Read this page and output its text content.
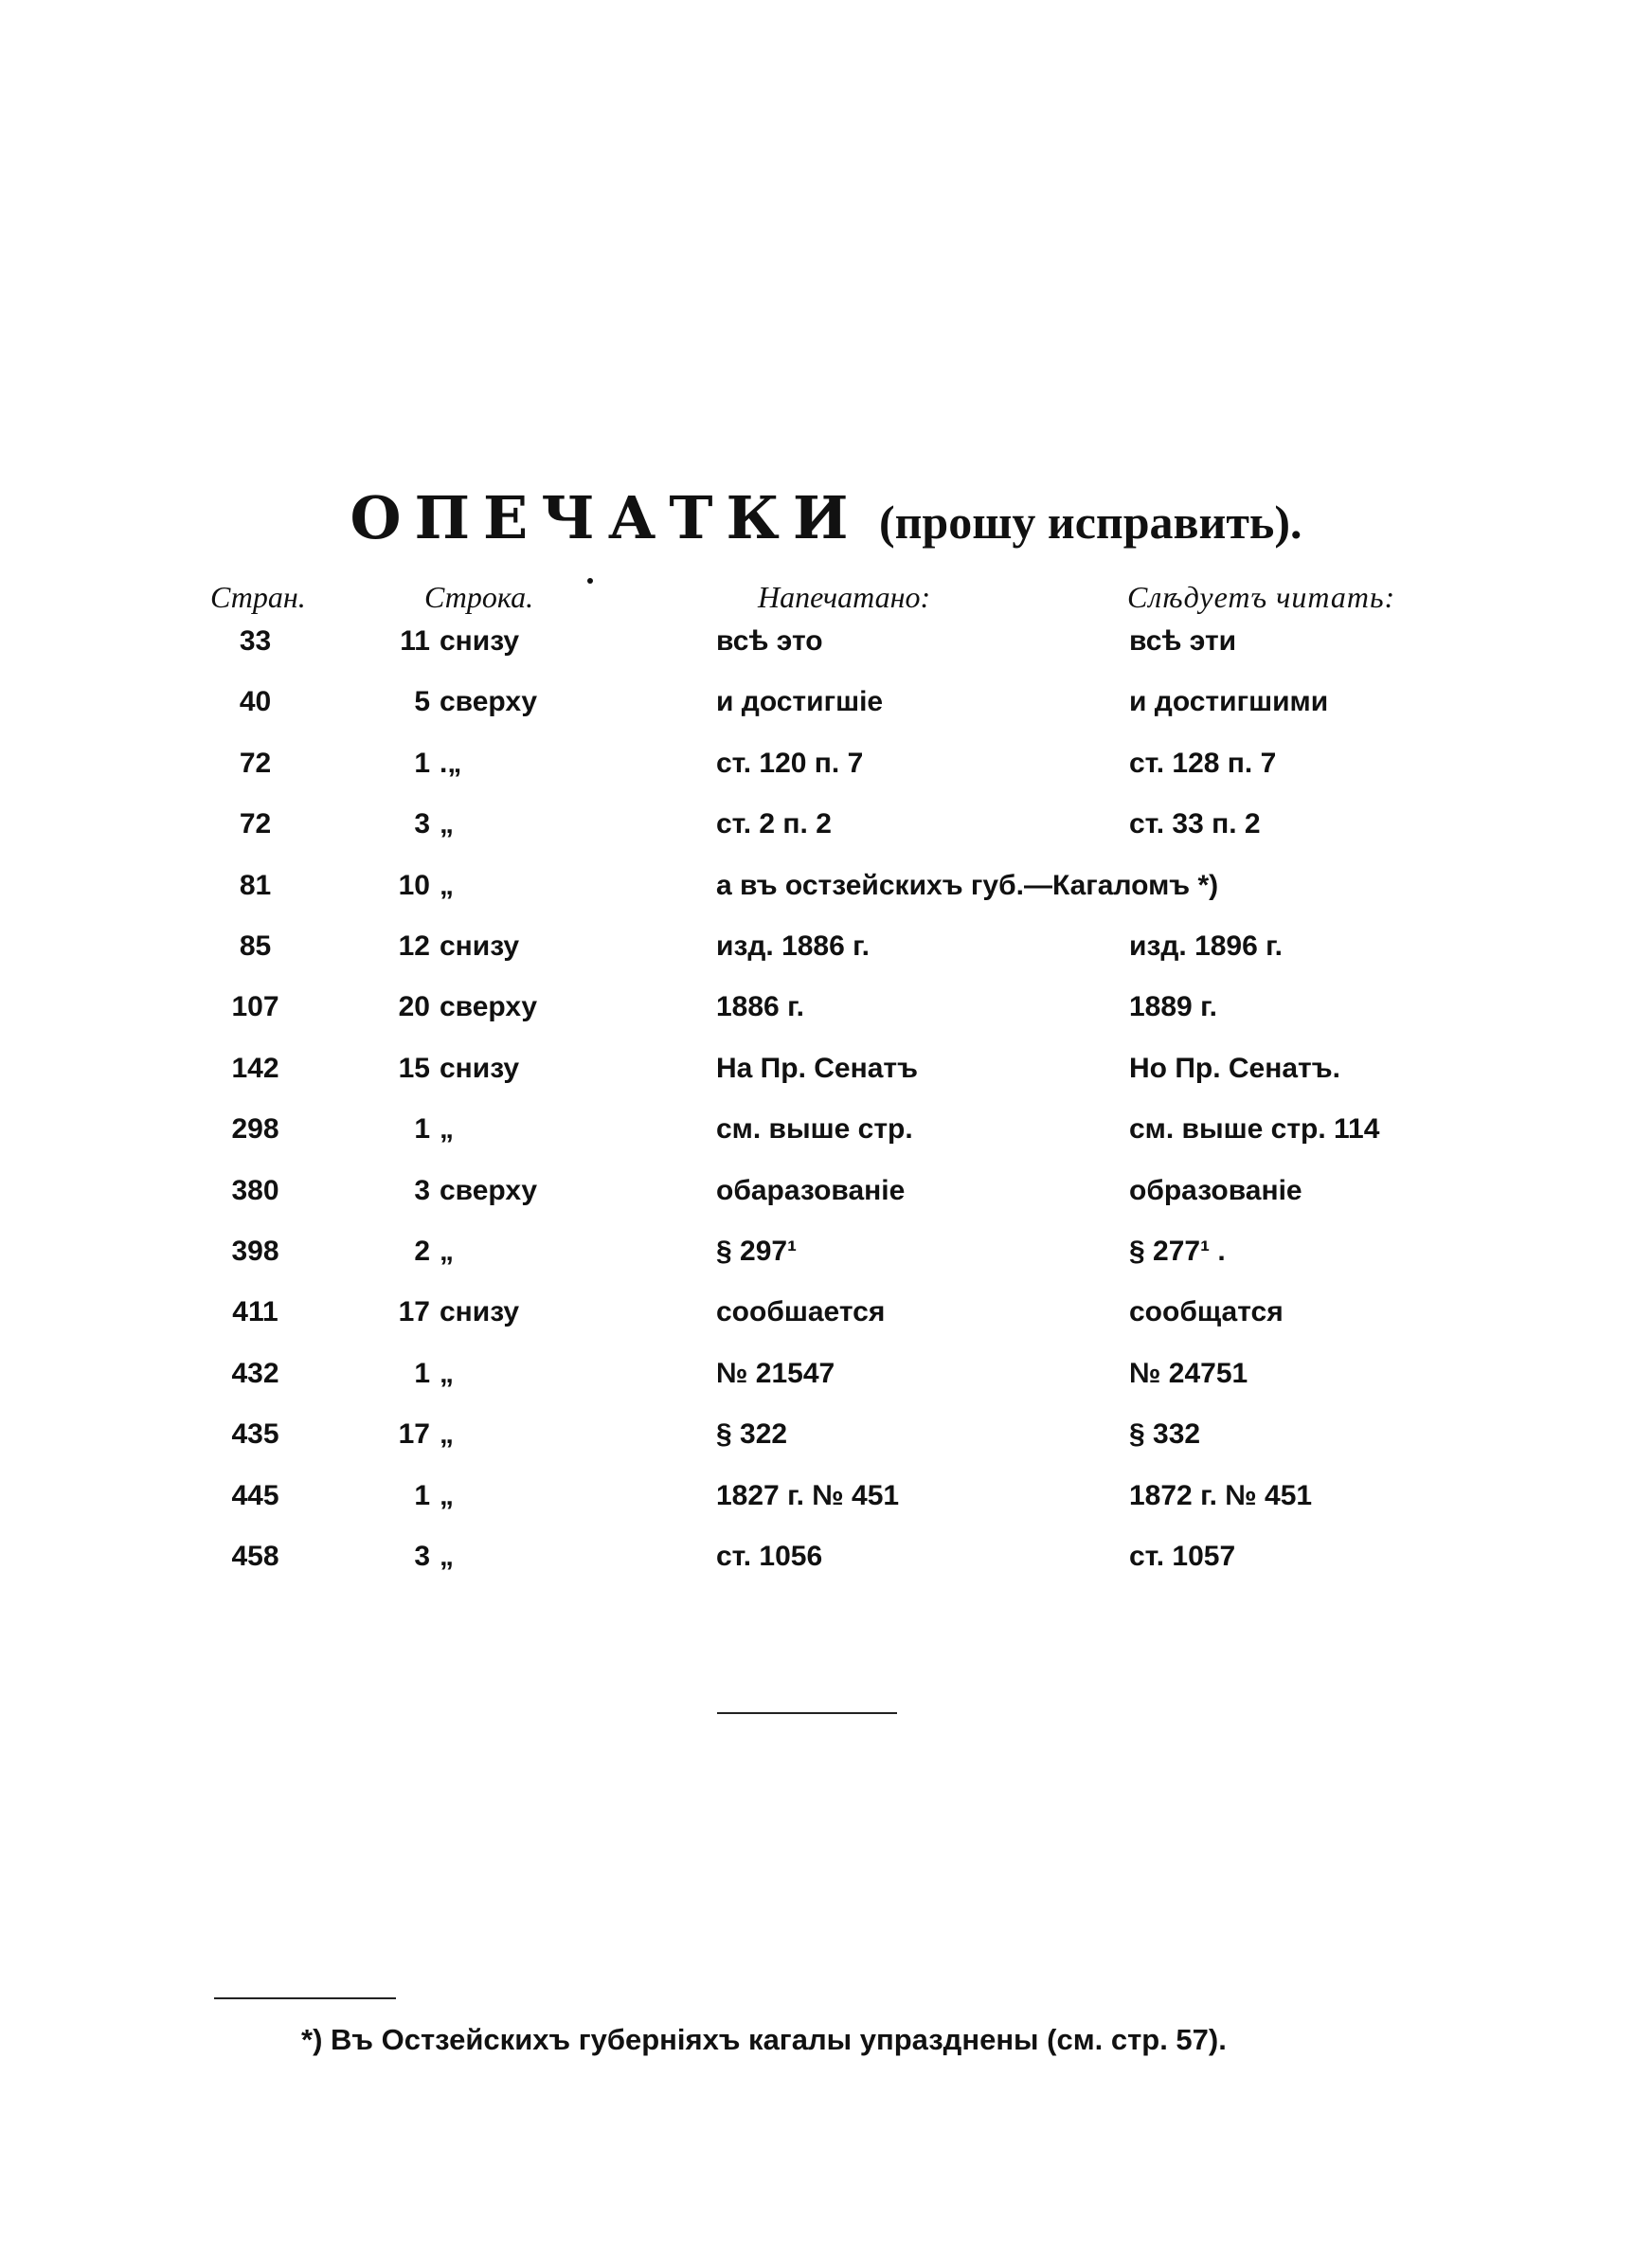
ОПЕЧАТКИ (прошу исправить).
Стран.	Строка.	Напечатано:	Слѣдуетъ читать:
33	11 снизу	всѣ это	всѣ эти
40	5 сверху	и достигшіе	и достигшими
72	1 .„	ст. 120 п. 7	ст. 128 п. 7
72	3 „	ст. 2 п. 2	ст. 33 п. 2
81	10 „	а въ остзейскихъ губ.—Кагаломъ *)
85	12 снизу	изд. 1886 г.	изд. 1896 г.
107	20 сверху	1886 г.	1889 г.
142	15 снизу	На Пр. Сенатъ	Но Пр. Сенатъ.
298	1 „	см. выше стр.	см. выше стр. 114
380	3 сверху	обаразованіе	образованіе
398	2 „	§ 297¹	§ 277¹ .
411	17 снизу	сообшается	сообщатся
432	1 „	№ 21547	№ 24751
435	17 „	§ 322	§ 332
445	1 „	1827 г. № 451	1872 г. № 451
458	3 „	ст. 1056	ст. 1057
*) Въ Остзейскихъ губерніяхъ кагалы упразднены (см. стр. 57).
